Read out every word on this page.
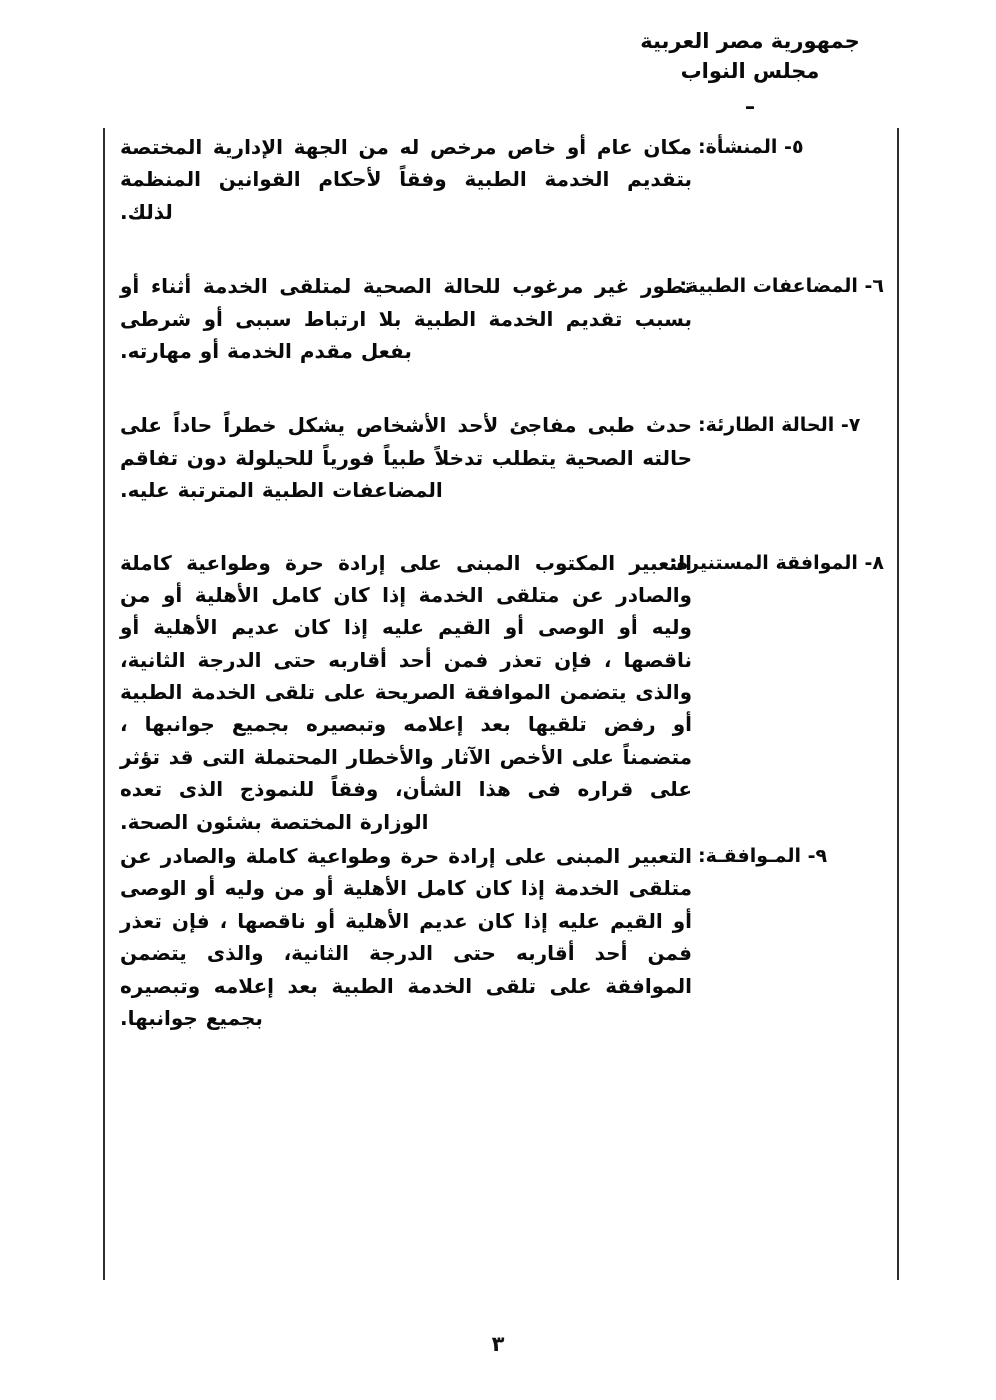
جمهورية مصر العربية
مجلس النواب
ـ
٥- المنشأة:
مكان عام أو خاص مرخص له من الجهة الإدارية المختصة بتقديم الخدمة الطبية وفقاً لأحكام القوانين المنظمة لذلك.
٦- المضاعفات الطبية:
تطور غير مرغوب للحالة الصحية لمتلقى الخدمة أثناء أو بسبب تقديم الخدمة الطبية بلا ارتباط سببى أو شرطى بفعل مقدم الخدمة أو مهارته.
٧- الحالة الطارئة:
حدث طبى مفاجئ لأحد الأشخاص يشكل خطراً حاداً على حالته الصحية يتطلب تدخلاً طبياً فورياً للحيلولة دون تفاقم المضاعفات الطبية المترتبة عليه.
٨- الموافقة المستنيرة:
التعبير المكتوب المبنى على إرادة حرة وطواعية كاملة والصادر عن متلقى الخدمة إذا كان كامل الأهلية أو من وليه أو الوصى أو القيم عليه إذا كان عديم الأهلية أو ناقصها ، فإن تعذر فمن أحد أقاربه حتى الدرجة الثانية، والذى يتضمن الموافقة الصريحة على تلقى الخدمة الطبية أو رفض تلقيها بعد إعلامه وتبصيره بجميع جوانبها ، متضمناً على الأخص الآثار والأخطار المحتملة التى قد تؤثر على قراره فى هذا الشأن، وفقاً للنموذج الذى تعده الوزارة المختصة بشئون الصحة.
٩- المـوافقـة:
التعبير المبنى على إرادة حرة وطواعية كاملة والصادر عن متلقى الخدمة إذا كان كامل الأهلية أو من وليه أو الوصى أو القيم عليه إذا كان عديم الأهلية أو ناقصها ، فإن تعذر فمن أحد أقاربه حتى الدرجة الثانية، والذى يتضمن الموافقة على تلقى الخدمة الطبية بعد إعلامه وتبصيره بجميع جوانبها.
٣
